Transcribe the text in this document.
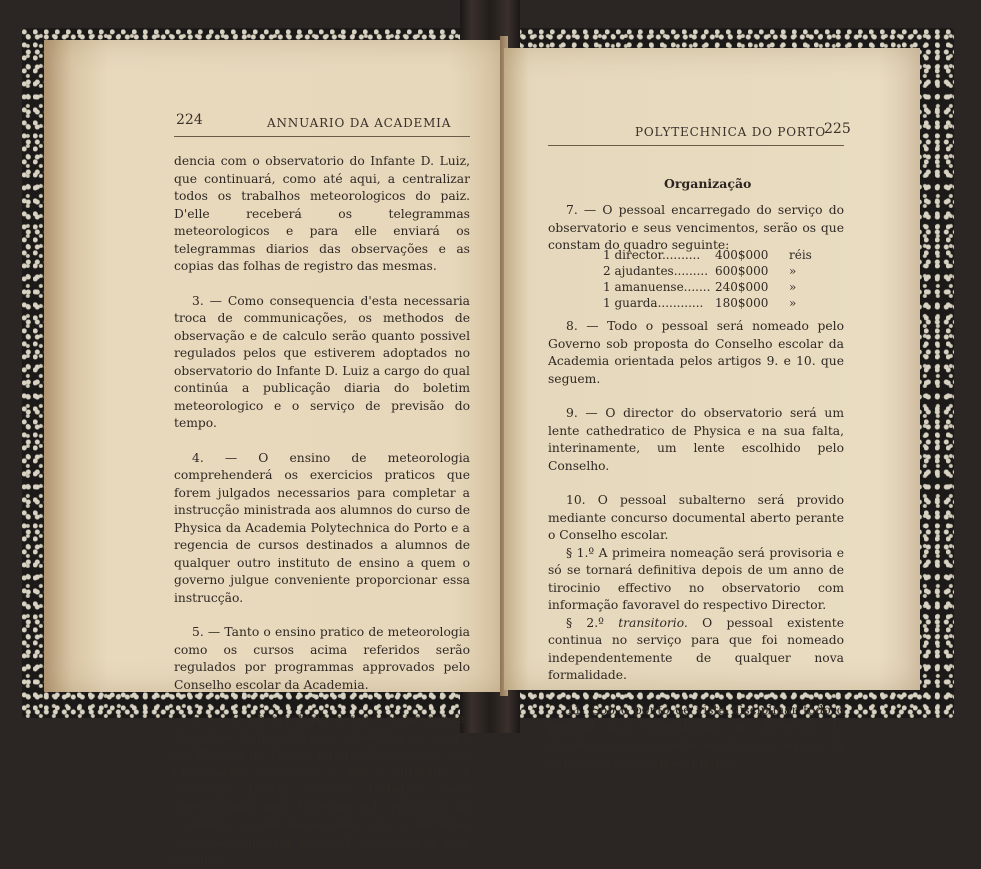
224	ANNUARIO DA ACADEMIA

dencia com o observatorio do Infante D. Luiz, que continuará, como até aqui, a centralizar todos os trabalhos meteorologicos do paiz. D'elle receberá os telegrammas meteorologicos e para elle enviará os telegrammas diarios das observações e as copias das folhas de registro das mesmas.

3. — Como consequencia d'esta necessaria troca de communicações, os methodos de observação e de calculo serão quanto possivel regulados pelos que estiverem adoptados no observatorio do Infante D. Luiz a cargo do qual continúa a publicação diaria do boletim meteorologico e o serviço de previsão do tempo.

4. — O ensino de meteorologia comprehenderá os exercicios praticos que forem julgados necessarios para completar a instrucção ministrada aos alumnos do curso de Physica da Academia Polytechnica do Porto e a regencia de cursos destinados a alumnos de qualquer outro instituto de ensino a quem o governo julgue conveniente proporcionar essa instrucção.

5. — Tanto o ensino pratico de meteorologia como os cursos acima referidos serão regulados por programmas approvados pelo Conselho escolar da Academia.

6. — O observatorio deverá emprehender trabalhos de investigação scientifica no campo da Physica do Globo, independentemente das observações correntes a que é obrigado. A natureza, porém, d'estes trabalhos será determinada pelo Governo sob proposta do Conselho escolar de accordo com os recursos materiaes que fôr possivel consagrar a este destino.

POLYTECHNICA DO PORTO
225
Organização

7. — O pessoal encarregado do serviço do observatorio e seus vencimentos, serão os que constam do quadro seguinte:

1 director..........	400$000	réis
2 ajudantes......... 600$000	»
1 amanuense....... 240$000	»
1 guarda............ 180$000	»

8. — Todo o pessoal será nomeado pelo Governo sob proposta do Conselho escolar da Academia orientada pelos artigos 9. e 10. que seguem.

9. — O director do observatorio será um lente cathedratico de Physica e na sua falta, interinamente, um lente escolhido pelo Conselho.

10. O pessoal subalterno será provido mediante concurso documental aberto perante o Conselho escolar.

§ 1.º A primeira nomeação será provisoria e só se tornará definitiva depois de um anno de tirocinio effectivo no observatorio com informação favoravel do respectivo Director.

§ 2.º transitorio. O pessoal existente continua no serviço para que foi nomeado independentemente de qualquer nova formalidade.

11. Sob o ponto de vista disciplinar todo o pessoal fica subordinado ao Director da Academia e ao Conselho escolar nos termos da legislação academica vigente.
